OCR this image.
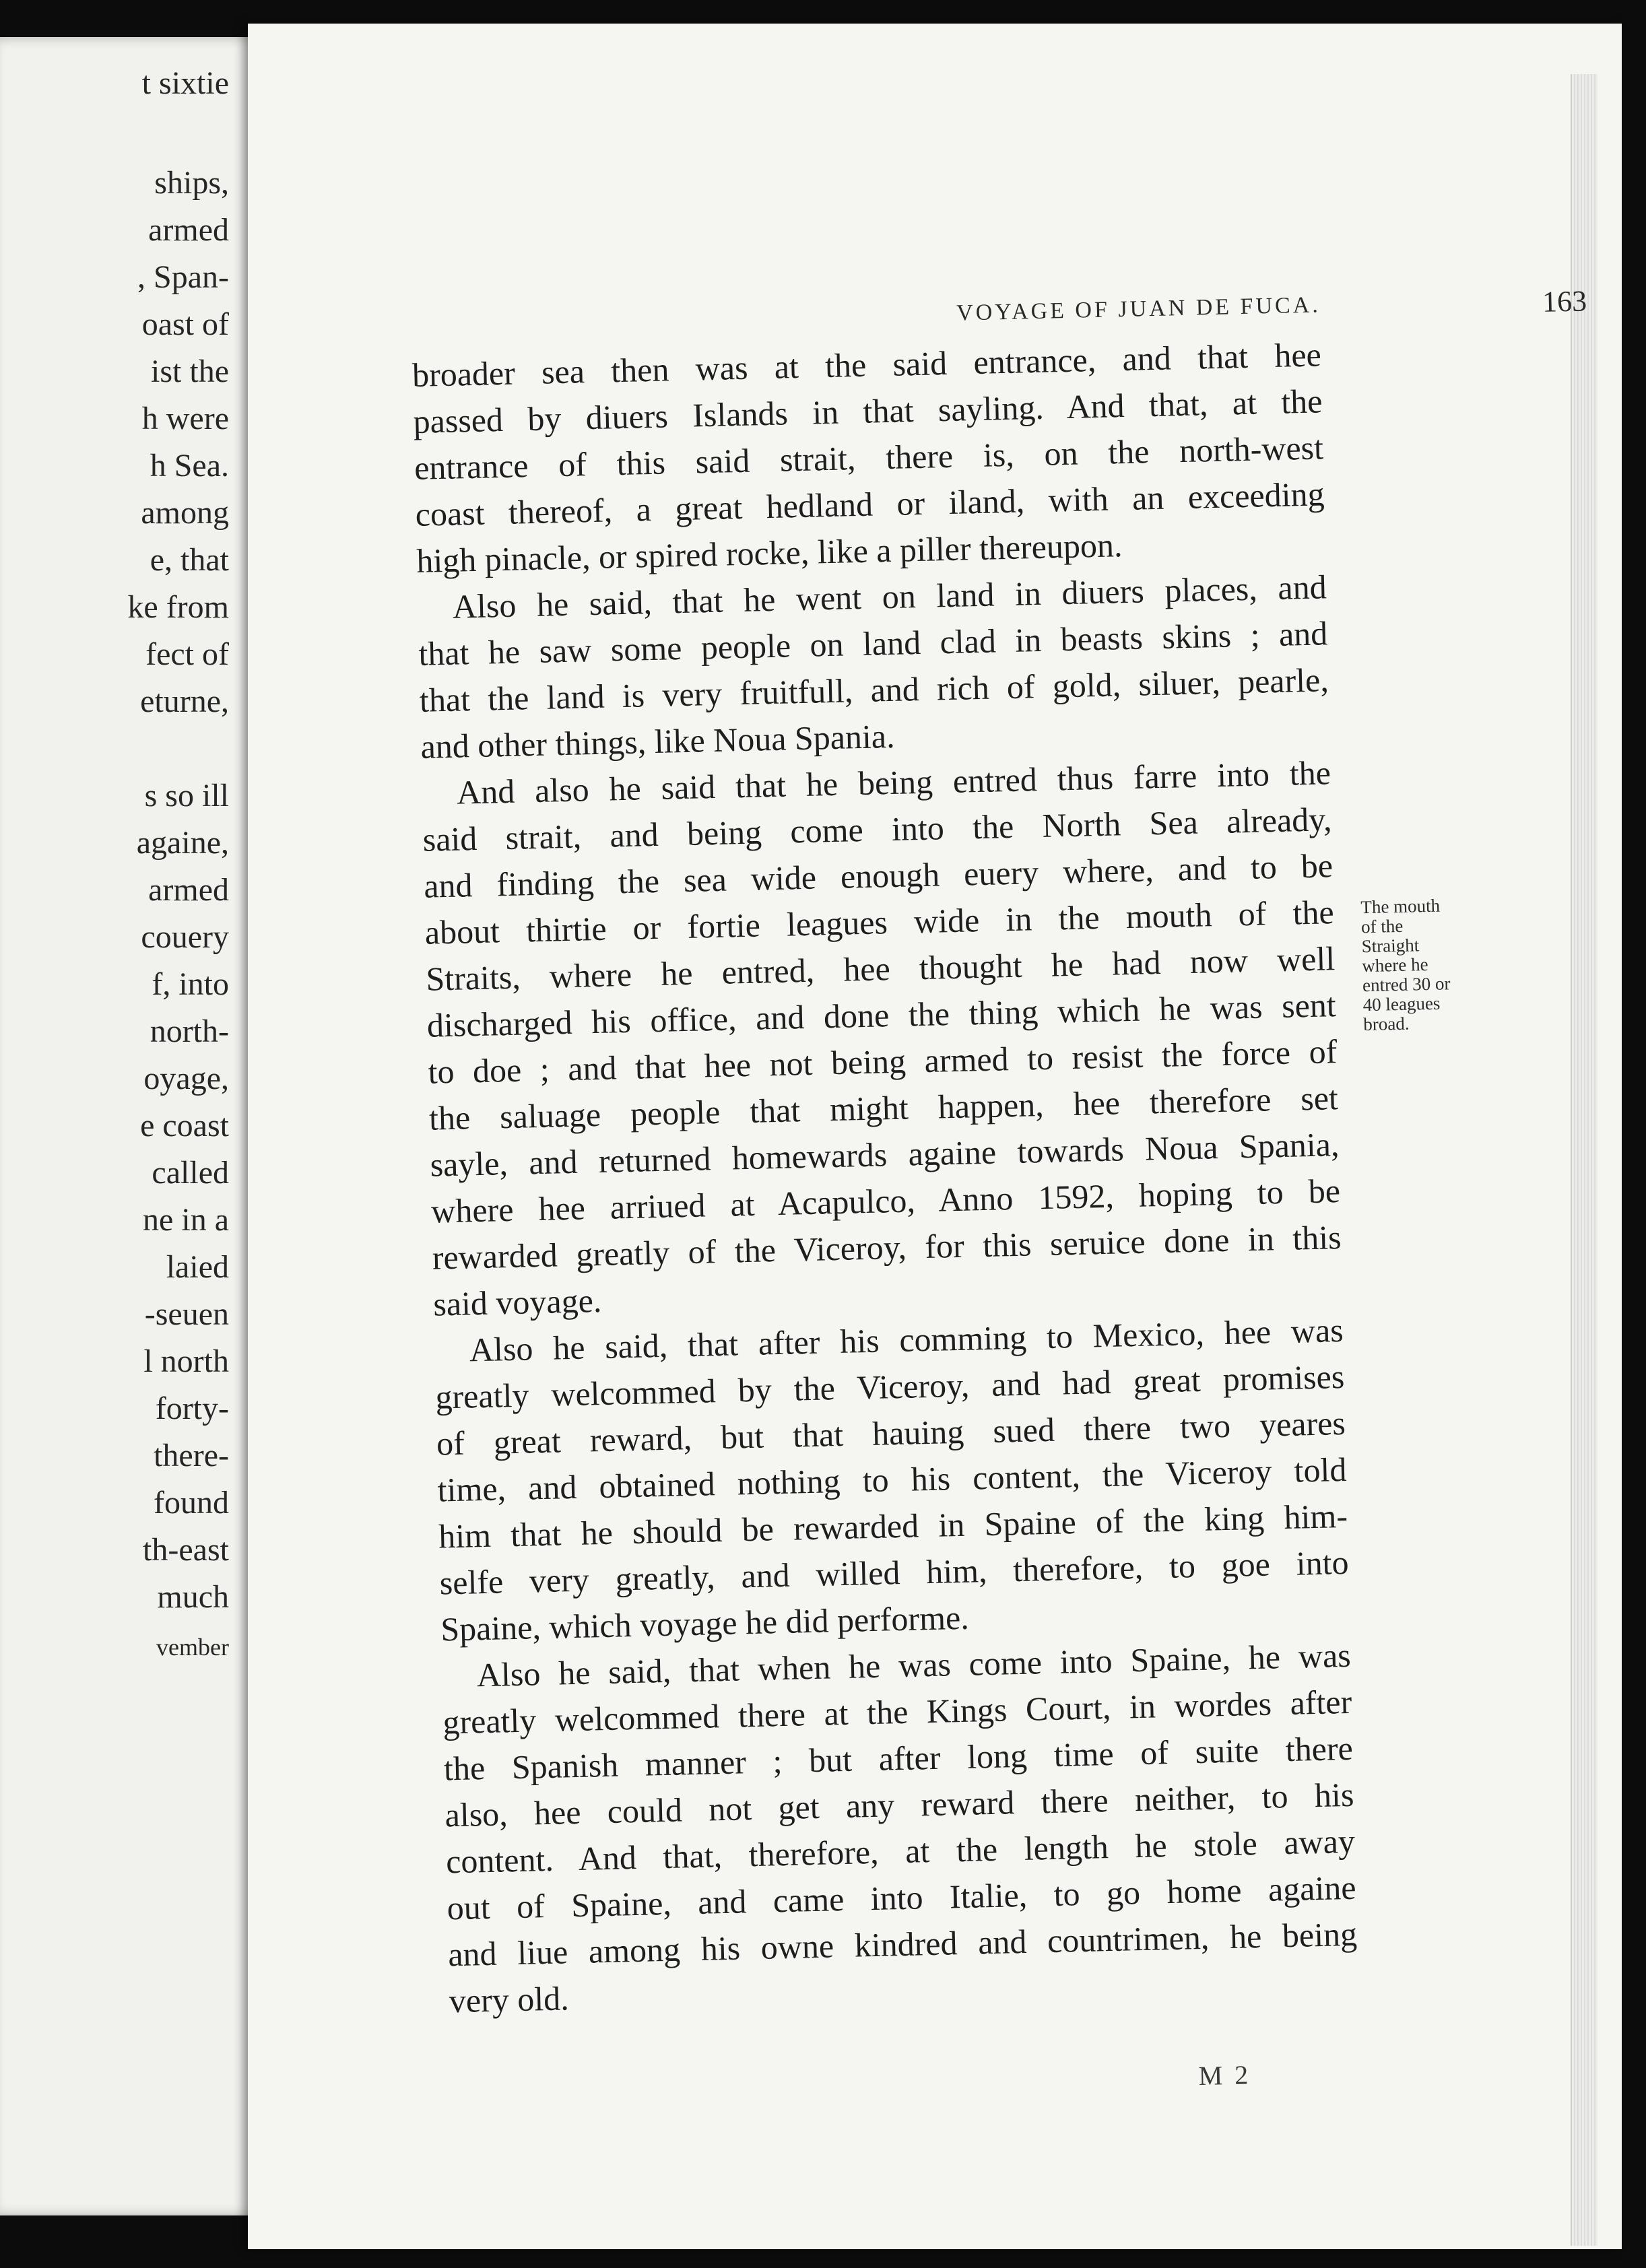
t sixtie
ships,
armed
, Span-
oast of
ist the
h were
h Sea.
among
e, that
ke from
fect of
eturne,
s so ill
againe,
armed
couery
f, into
north-
oyage,
e coast
called
ne in a
laied
-seuen
l north
forty-
there-
found
th-east
much
vember
VOYAGE OF JUAN DE FUCA.	163
broader sea then was at the said entrance, and that hee
passed by diuers Islands in that sayling. And that, at the
entrance of this said strait, there is, on the north-west
coast thereof, a great hedland or iland, with an exceeding
high pinacle, or spired rocke, like a piller thereupon.
Also he said, that he went on land in diuers places, and
that he saw some people on land clad in beasts skins ; and
that the land is very fruitfull, and rich of gold, siluer, pearle,
and other things, like Noua Spania.
And also he said that he being entred thus farre into the
said strait, and being come into the North Sea already,
and finding the sea wide enough euery where, and to be
about thirtie or fortie leagues wide in the mouth of the
Straits, where he entred, hee thought he had now well
discharged his office, and done the thing which he was sent
to doe ; and that hee not being armed to resist the force of
the saluage people that might happen, hee therefore set
sayle, and returned homewards againe towards Noua Spania,
where hee arriued at Acapulco, Anno 1592, hoping to be
rewarded greatly of the Viceroy, for this seruice done in this
said voyage.
Also he said, that after his comming to Mexico, hee was
greatly welcommed by the Viceroy, and had great promises
of great reward, but that hauing sued there two yeares
time, and obtained nothing to his content, the Viceroy told
him that he should be rewarded in Spaine of the king him-
selfe very greatly, and willed him, therefore, to goe into
Spaine, which voyage he did performe.
Also he said, that when he was come into Spaine, he was
greatly welcommed there at the Kings Court, in wordes after
the Spanish manner ; but after long time of suite there
also, hee could not get any reward there neither, to his
content. And that, therefore, at the length he stole away
out of Spaine, and came into Italie, to go home againe
and liue among his owne kindred and countrimen, he being
very old.
The mouth
of the
Straight
where he
entred 30 or
40 leagues
broad.
M 2
